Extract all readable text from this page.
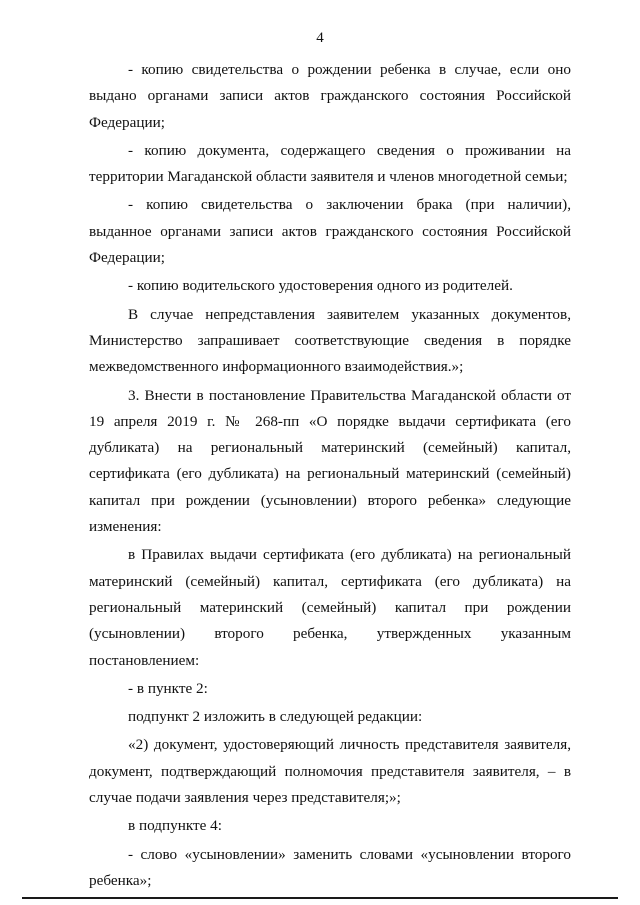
4

- копию свидетельства о рождении ребенка в случае, если оно выдано органами записи актов гражданского состояния Российской Федерации;

- копию документа, содержащего сведения о проживании на территории Магаданской области заявителя и членов многодетной семьи;

- копию свидетельства о заключении брака (при наличии), выданное органами записи актов гражданского состояния Российской Федерации;

- копию водительского удостоверения одного из родителей.

В случае непредставления заявителем указанных документов, Министерство запрашивает соответствующие сведения в порядке межведомственного информационного взаимодействия.»;

3. Внести в постановление Правительства Магаданской области от 19 апреля 2019 г. № 268-пп «О порядке выдачи сертификата (его дубликата) на региональный материнский (семейный) капитал, сертификата (его дубликата) на региональный материнский (семейный) капитал при рождении (усыновлении) второго ребенка» следующие изменения:

в Правилах выдачи сертификата (его дубликата) на региональный материнский (семейный) капитал, сертификата (его дубликата) на региональный материнский (семейный) капитал при рождении (усыновлении) второго ребенка, утвержденных указанным постановлением:

- в пункте 2:

подпункт 2 изложить в следующей редакции:

«2) документ, удостоверяющий личность представителя заявителя, документ, подтверждающий полномочия представителя заявителя, – в случае подачи заявления через представителя;»;

в подпункте 4:

- слово «усыновлении» заменить словами «усыновлении второго ребенка»;
